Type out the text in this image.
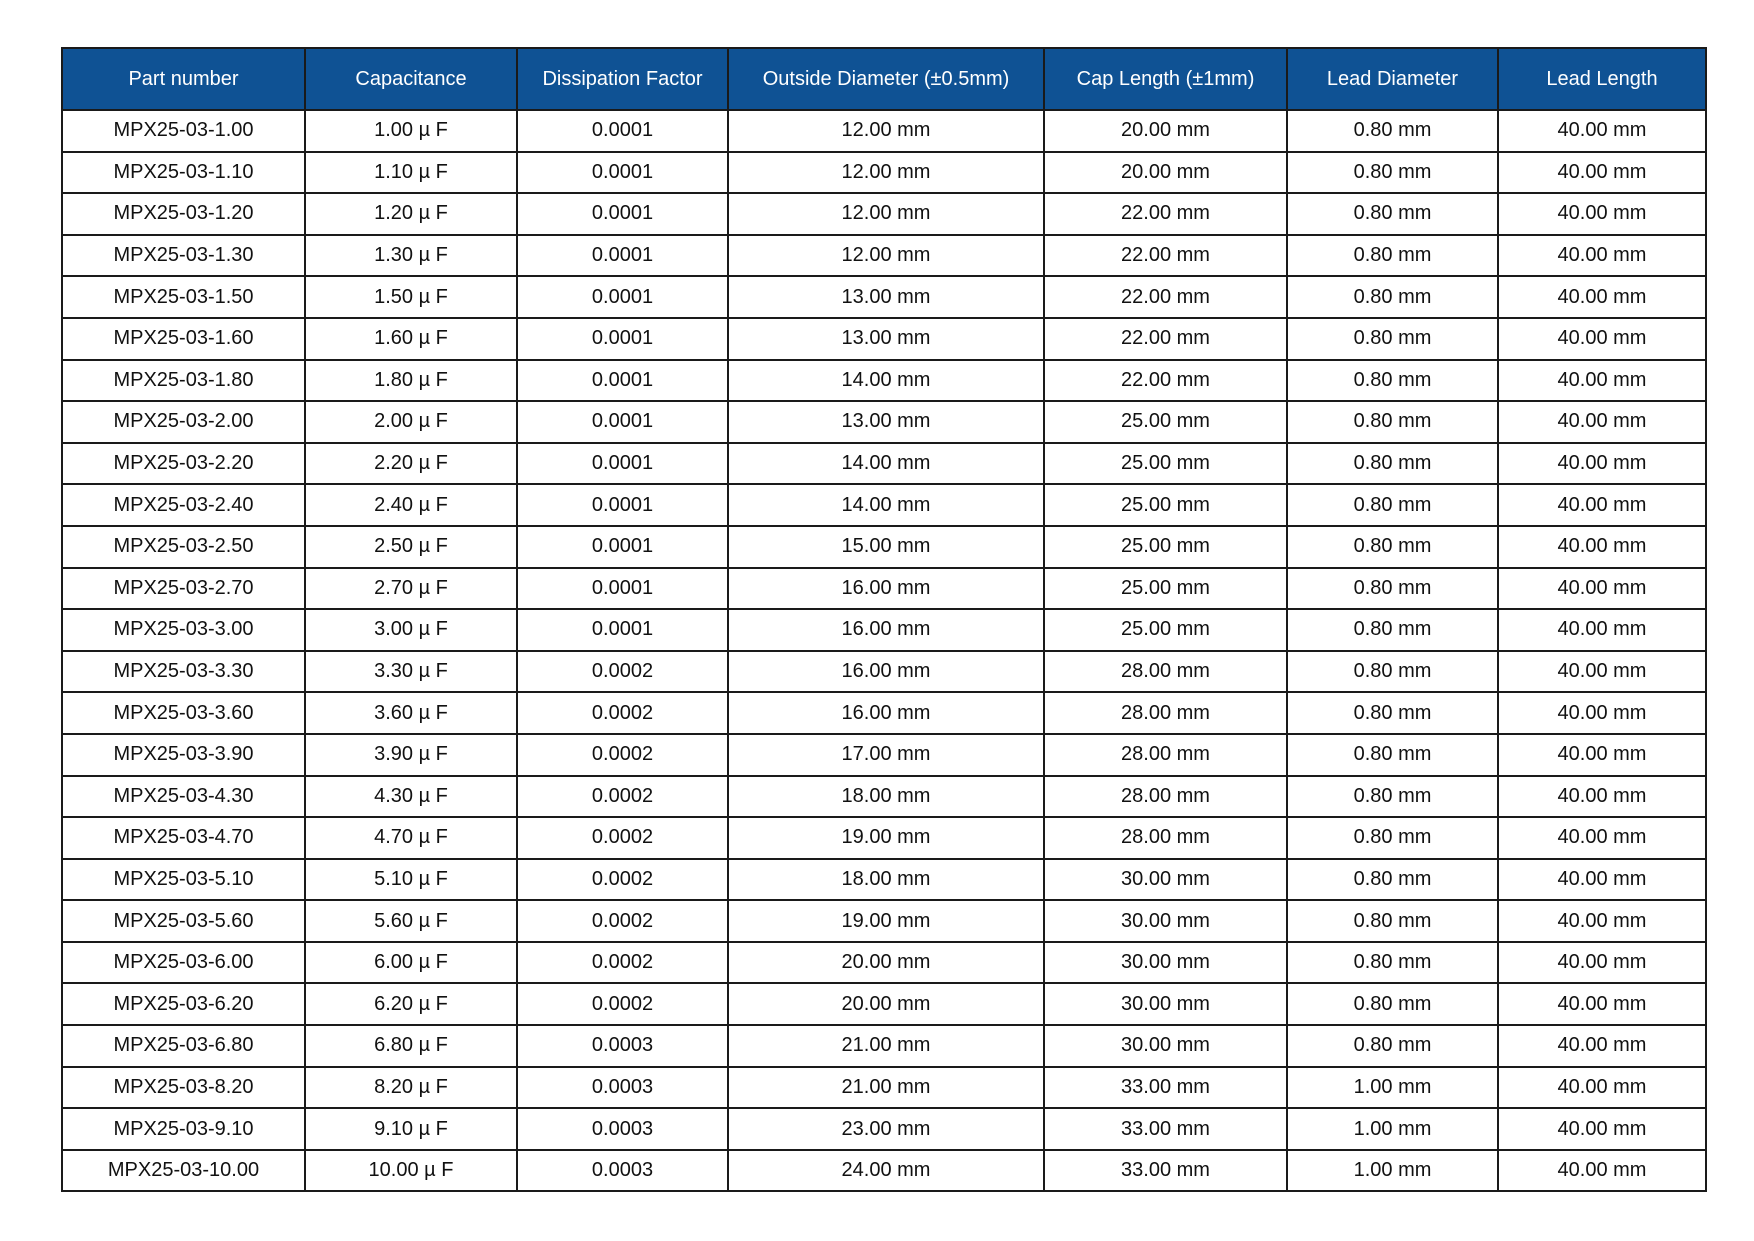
Part number	Capacitance	Dissipation Factor	Outside Diameter (±0.5mm)	Cap Length (±1mm)	Lead Diameter	Lead Length
MPX25-03-1.00	1.00 µ F	0.0001	12.00 mm	20.00 mm	0.80 mm	40.00 mm
MPX25-03-1.10	1.10 µ F	0.0001	12.00 mm	20.00 mm	0.80 mm	40.00 mm
MPX25-03-1.20	1.20 µ F	0.0001	12.00 mm	22.00 mm	0.80 mm	40.00 mm
MPX25-03-1.30	1.30 µ F	0.0001	12.00 mm	22.00 mm	0.80 mm	40.00 mm
MPX25-03-1.50	1.50 µ F	0.0001	13.00 mm	22.00 mm	0.80 mm	40.00 mm
MPX25-03-1.60	1.60 µ F	0.0001	13.00 mm	22.00 mm	0.80 mm	40.00 mm
MPX25-03-1.80	1.80 µ F	0.0001	14.00 mm	22.00 mm	0.80 mm	40.00 mm
MPX25-03-2.00	2.00 µ F	0.0001	13.00 mm	25.00 mm	0.80 mm	40.00 mm
MPX25-03-2.20	2.20 µ F	0.0001	14.00 mm	25.00 mm	0.80 mm	40.00 mm
MPX25-03-2.40	2.40 µ F	0.0001	14.00 mm	25.00 mm	0.80 mm	40.00 mm
MPX25-03-2.50	2.50 µ F	0.0001	15.00 mm	25.00 mm	0.80 mm	40.00 mm
MPX25-03-2.70	2.70 µ F	0.0001	16.00 mm	25.00 mm	0.80 mm	40.00 mm
MPX25-03-3.00	3.00 µ F	0.0001	16.00 mm	25.00 mm	0.80 mm	40.00 mm
MPX25-03-3.30	3.30 µ F	0.0002	16.00 mm	28.00 mm	0.80 mm	40.00 mm
MPX25-03-3.60	3.60 µ F	0.0002	16.00 mm	28.00 mm	0.80 mm	40.00 mm
MPX25-03-3.90	3.90 µ F	0.0002	17.00 mm	28.00 mm	0.80 mm	40.00 mm
MPX25-03-4.30	4.30 µ F	0.0002	18.00 mm	28.00 mm	0.80 mm	40.00 mm
MPX25-03-4.70	4.70 µ F	0.0002	19.00 mm	28.00 mm	0.80 mm	40.00 mm
MPX25-03-5.10	5.10 µ F	0.0002	18.00 mm	30.00 mm	0.80 mm	40.00 mm
MPX25-03-5.60	5.60 µ F	0.0002	19.00 mm	30.00 mm	0.80 mm	40.00 mm
MPX25-03-6.00	6.00 µ F	0.0002	20.00 mm	30.00 mm	0.80 mm	40.00 mm
MPX25-03-6.20	6.20 µ F	0.0002	20.00 mm	30.00 mm	0.80 mm	40.00 mm
MPX25-03-6.80	6.80 µ F	0.0003	21.00 mm	30.00 mm	0.80 mm	40.00 mm
MPX25-03-8.20	8.20 µ F	0.0003	21.00 mm	33.00 mm	1.00 mm	40.00 mm
MPX25-03-9.10	9.10 µ F	0.0003	23.00 mm	33.00 mm	1.00 mm	40.00 mm
MPX25-03-10.00	10.00 µ F	0.0003	24.00 mm	33.00 mm	1.00 mm	40.00 mm
